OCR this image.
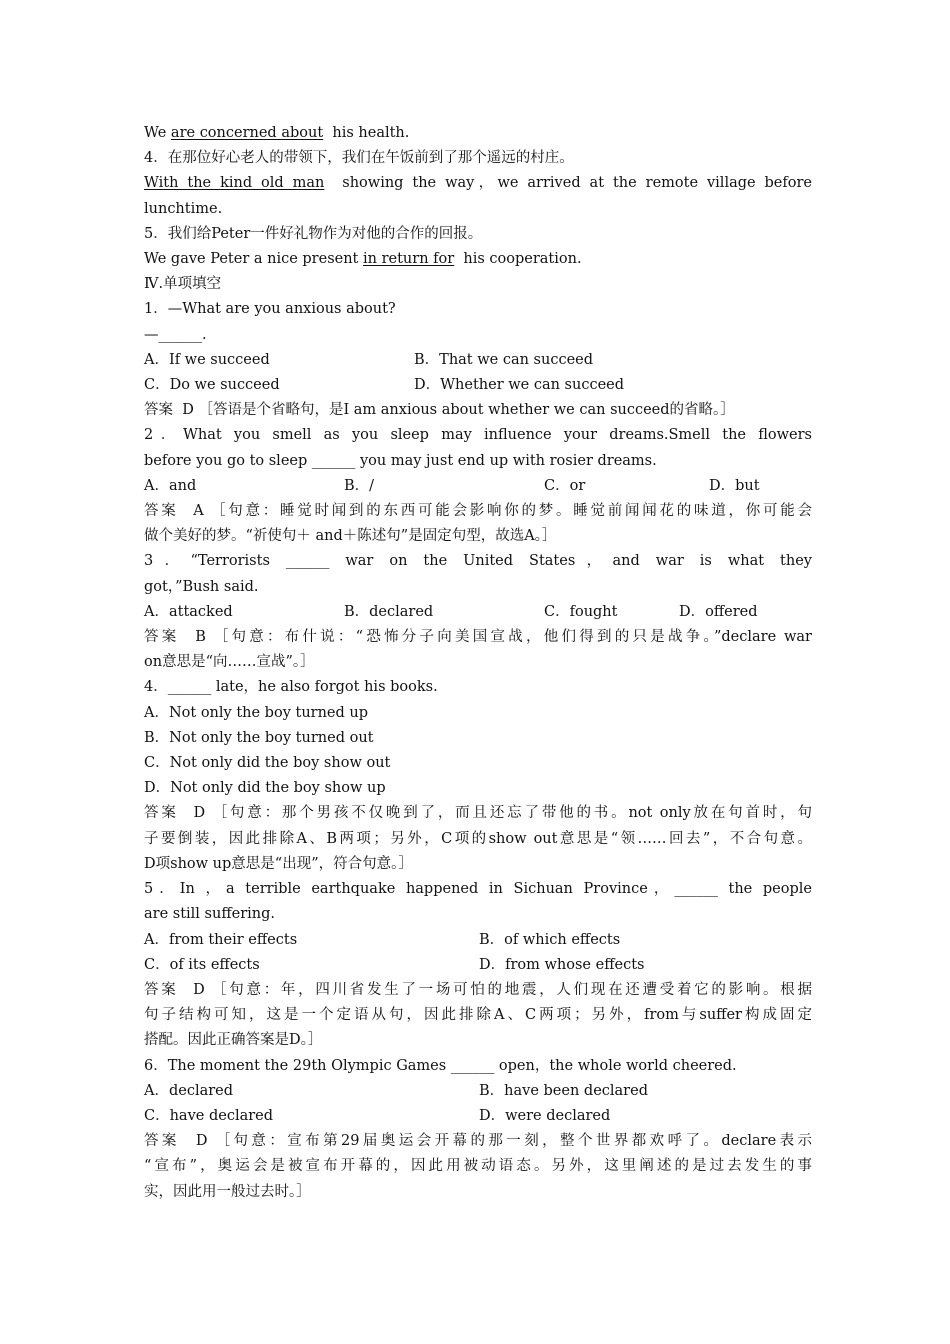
We are concerned about  his health.

4．在那位好心老人的带领下，我们在午饭前到了那个遥远的村庄。

With the kind old man  showing the way，we arrived at the remote village before

lunchtime.

5．我们给Peter一件好礼物作为对他的合作的回报。

We gave Peter a nice present in return for  his cooperation.

Ⅳ.单项填空

1．—What are you anxious about?

—______.

A．If we succeed	B．That we can succeed
C．Do we succeed	D．Whether we can succeed

答案  D ［答语是个省略句，是I am anxious about whether we can succeed的省略。］

2．What you smell as you sleep may influence your dreams.Smell the flowers

before you go to sleep ______ you may just end up with rosier dreams.

A．and	B．/	C．or	D．but

答案  A ［句意：睡觉时闻到的东西可能会影响你的梦。睡觉前闻闻花的味道，你可能会

做个美好的梦。“祈使句＋ and＋陈述句”是固定句型，故选A。］

3．“Terrorists ______ war on the United States，and war is what they

got，”Bush said.

A．attacked	B．declared	C．fought	D．offered

答案  B ［句意：布什说：“恐怖分子向美国宣战，他们得到的只是战争。”declare war

on意思是“向……宣战”。］

4．______ late，he also forgot his books.

A．Not only the boy turned up

B．Not only the boy turned out

C．Not only did the boy show out

D．Not only did the boy show up

答案  D ［句意：那个男孩不仅晚到了，而且还忘了带他的书。not only放在句首时，句

子要倒装，因此排除A、B两项；另外，C项的show out意思是“领……回去”，不合句意。

D项show up意思是“出现”，符合句意。］

5．In ，a terrible earthquake happened in Sichuan Province，______ the people

are still suffering.

A．from their effects	B．of which effects
C．of its effects	D．from whose effects

答案  D ［句意：年，四川省发生了一场可怕的地震，人们现在还遭受着它的影响。根据

句子结构可知，这是一个定语从句，因此排除A、C两项；另外，from与suffer构成固定

搭配。因此正确答案是D。］

6．The moment the 29th Olympic Games ______ open，the whole world cheered.

A．declared	B．have been declared
C．have declared	D．were declared

答案  D ［句意：宣布第29届奥运会开幕的那一刻，整个世界都欢呼了。declare表示

“宣布”，奥运会是被宣布开幕的，因此用被动语态。另外，这里阐述的是过去发生的事

实，因此用一般过去时。］
